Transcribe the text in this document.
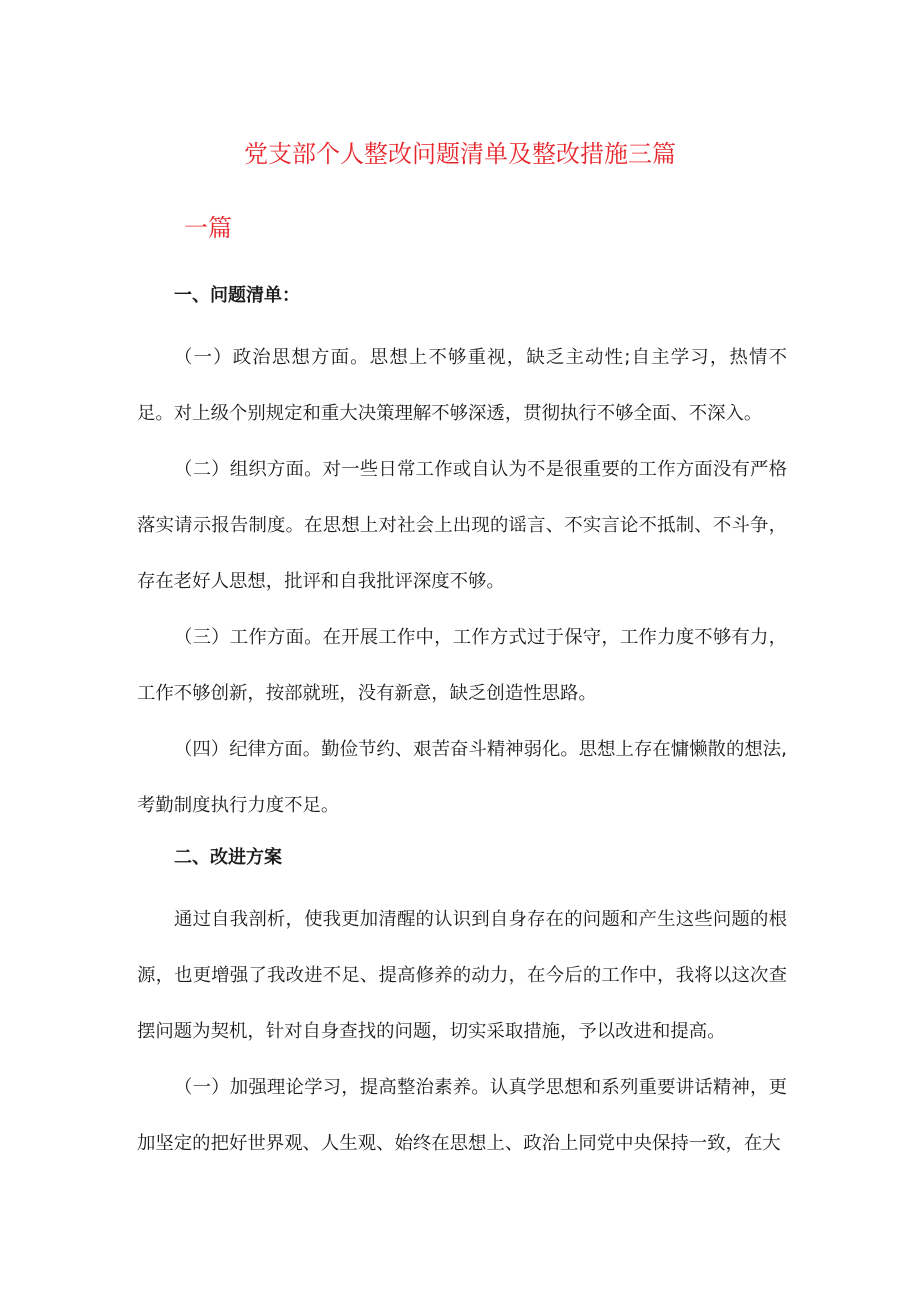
党支部个人整改问题清单及整改措施三篇
一篇
一、问题清单：

（一）政治思想方面。思想上不够重视，缺乏主动性;自主学习，热情不足。对上级个别规定和重大决策理解不够深透，贯彻执行不够全面、不深入。

（二）组织方面。对一些日常工作或自认为不是很重要的工作方面没有严格落实请示报告制度。在思想上对社会上出现的谣言、不实言论不抵制、不斗争，存在老好人思想，批评和自我批评深度不够。

（三）工作方面。在开展工作中，工作方式过于保守，工作力度不够有力，工作不够创新，按部就班，没有新意，缺乏创造性思路。

（四）纪律方面。勤俭节约、艰苦奋斗精神弱化。思想上存在慵懒散的想法,考勤制度执行力度不足。

二、改进方案

通过自我剖析，使我更加清醒的认识到自身存在的问题和产生这些问题的根源，也更增强了我改进不足、提高修养的动力，在今后的工作中，我将以这次查摆问题为契机，针对自身查找的问题，切实采取措施，予以改进和提高。

（一）加强理论学习，提高整治素养。认真学思想和系列重要讲话精神，更加坚定的把好世界观、人生观、始终在思想上、政治上同党中央保持一致，在大
